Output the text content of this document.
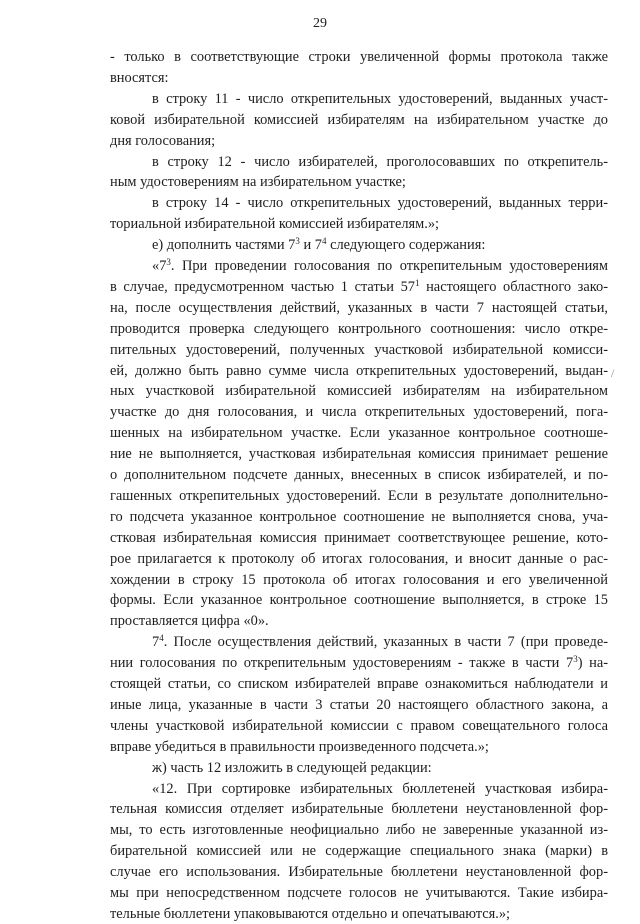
29
- только в соответствующие строки увеличенной формы протокола также
вносятся:
в строку 11 - число открепительных удостоверений, выданных участ-
ковой избирательной комиссией избирателям на избирательном участке до
дня голосования;
в строку 12 - число избирателей, проголосовавших по открепитель-
ным удостоверениям на избирательном участке;
в строку 14 - число открепительных удостоверений, выданных терри-
ториальной избирательной комиссией избирателям.»;
е) дополнить частями $7^3$ и $7^4$ следующего содержания:
«$7^3$. При проведении голосования по открепительным удостоверениям
в случае, предусмотренном частью 1 статьи $57^1$ настоящего областного зако-
на, после осуществления действий, указанных в части 7 настоящей статьи,
проводится проверка следующего контрольного соотношения: число откре-
пительных удостоверений, полученных участковой избирательной комисси-
ей, должно быть равно сумме числа открепительных удостоверений, выдан-
ных участковой избирательной комиссией избирателям на избирательном
участке до дня голосования, и числа открепительных удостоверений, пога-
шенных на избирательном участке. Если указанное контрольное соотноше-
ние не выполняется, участковая избирательная комиссия принимает решение
о дополнительном подсчете данных, внесенных в список избирателей, и по-
гашенных открепительных удостоверений. Если в результате дополнительно-
го подсчета указанное контрольное соотношение не выполняется снова, уча-
стковая избирательная комиссия принимает соответствующее решение, кото-
рое прилагается к протоколу об итогах голосования, и вносит данные о рас-
хождении в строку 15 протокола об итогах голосования и его увеличенной
формы. Если указанное контрольное соотношение выполняется, в строке 15
проставляется цифра «0».
$7^4$. После осуществления действий, указанных в части 7 (при проведе-
нии голосования по открепительным удостоверениям - также в части $7^3$) на-
стоящей статьи, со списком избирателей вправе ознакомиться наблюдатели и
иные лица, указанные в части 3 статьи 20 настоящего областного закона, а
члены участковой избирательной комиссии с правом совещательного голоса
вправе убедиться в правильности произведенного подсчета.»;
ж) часть 12 изложить в следующей редакции:
«12. При сортировке избирательных бюллетеней участковая избира-
тельная комиссия отделяет избирательные бюллетени неустановленной фор-
мы, то есть изготовленные неофициально либо не заверенные указанной из-
бирательной комиссией или не содержащие специального знака (марки) в
случае его использования. Избирательные бюллетени неустановленной фор-
мы при непосредственном подсчете голосов не учитываются. Такие избира-
тельные бюллетени упаковываются отдельно и опечатываются.»;
/
